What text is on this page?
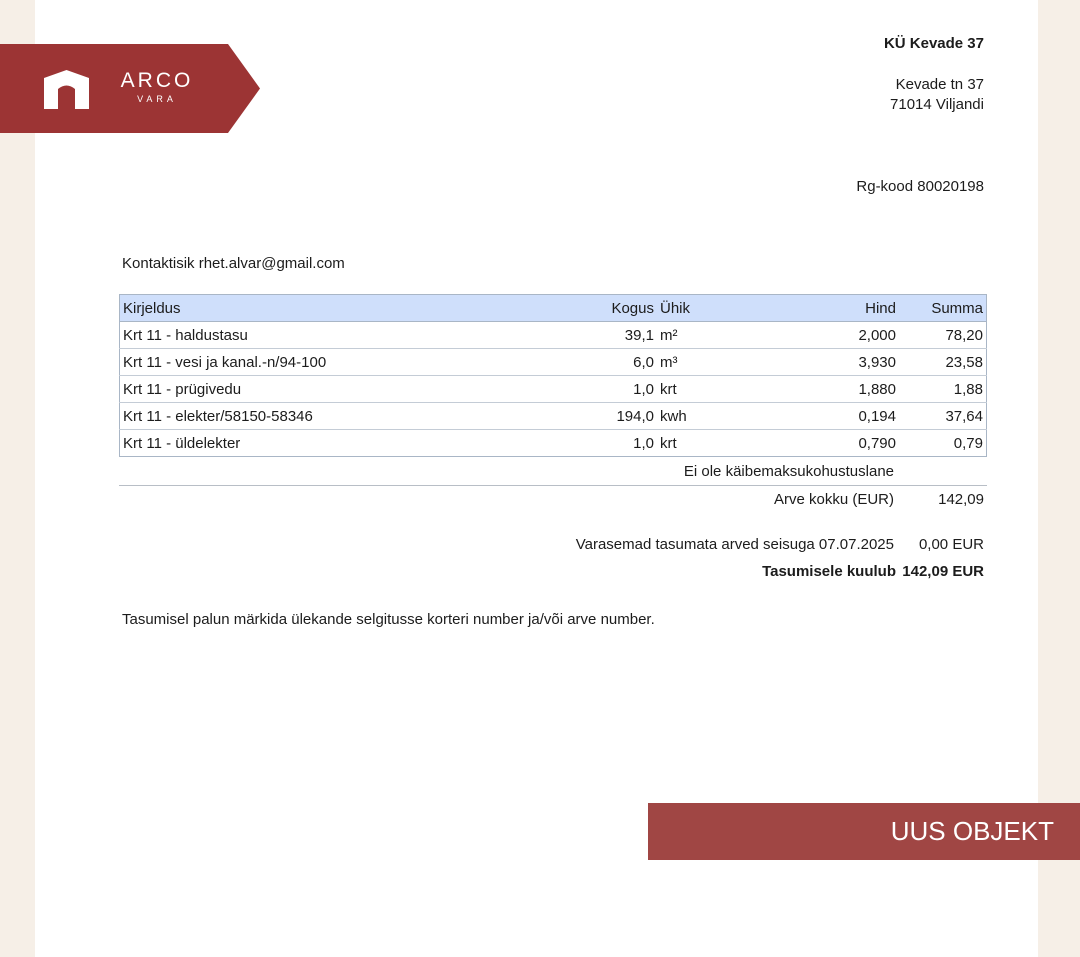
ARCO
VARA
KÜ Kevade 37
Kevade tn 37
71014 Viljandi
Rg-kood 80020198
Kontaktisik rhet.alvar@gmail.com
Kirjeldus	Kogus	Ühik	Hind	Summa
Krt 11 - haldustasu	39,1	m²	2,000	78,20
Krt 11 - vesi ja kanal.-n/94-100	6,0	m³	3,930	23,58
Krt 11 - prügivedu	1,0	krt	1,880	1,88
Krt 11 - elekter/58150-58346	194,0	kwh	0,194	37,64
Krt 11 - üldelekter	1,0	krt	0,790	0,79
Ei ole käibemaksukohustuslane
Arve kokku (EUR)	142,09
Varasemad tasumata arved seisuga 07.07.2025 0,00 EUR
Tasumisele kuulub 142,09 EUR
Tasumisel palun märkida ülekande selgitusse korteri number ja/või arve number.
UUS OBJEKT
